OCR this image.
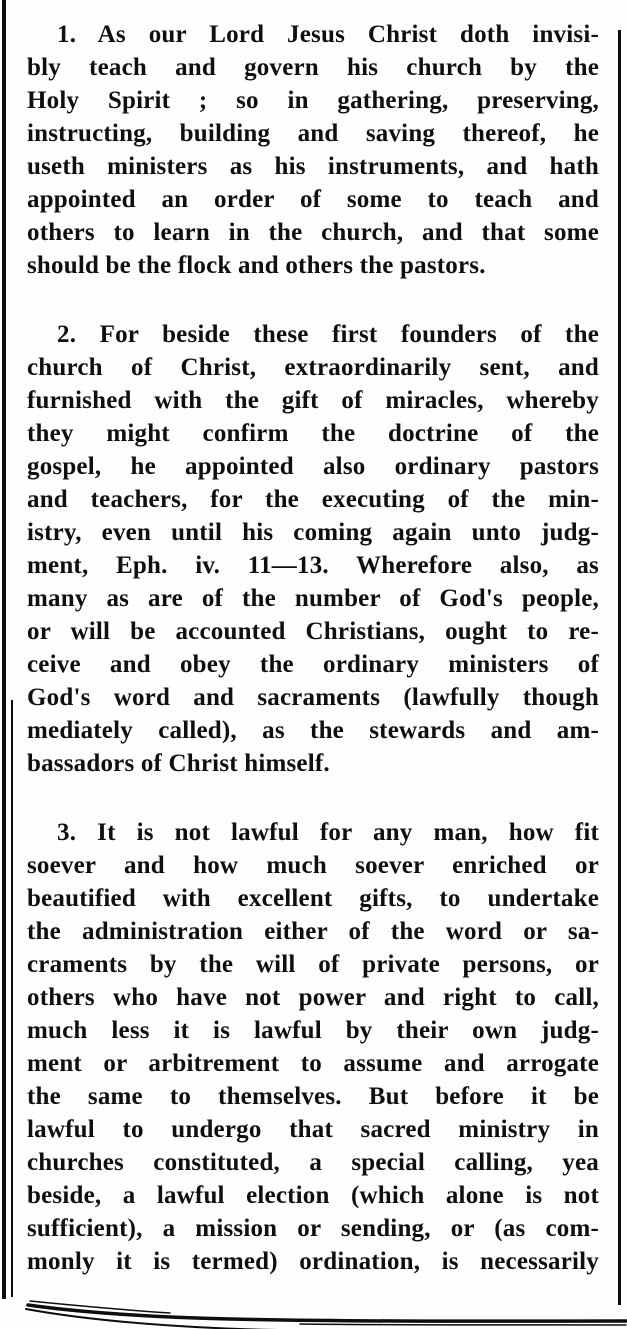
1. As our Lord Jesus Christ doth invisi-
bly teach and govern his church by the
Holy Spirit ; so in gathering, preserving,
instructing, building and saving thereof, he
useth ministers as his instruments, and hath
appointed an order of some to teach and
others to learn in the church, and that some
should be the flock and others the pastors.
2. For beside these first founders of the
church of Christ, extraordinarily sent, and
furnished with the gift of miracles, whereby
they might confirm the doctrine of the
gospel, he appointed also ordinary pastors
and teachers, for the executing of the min-
istry, even until his coming again unto judg-
ment, Eph. iv. 11—13. Wherefore also, as
many as are of the number of God's people,
or will be accounted Christians, ought to re-
ceive and obey the ordinary ministers of
God's word and sacraments (lawfully though
mediately called), as the stewards and am-
bassadors of Christ himself.
3. It is not lawful for any man, how fit
soever and how much soever enriched or
beautified with excellent gifts, to undertake
the administration either of the word or sa-
craments by the will of private persons, or
others who have not power and right to call,
much less it is lawful by their own judg-
ment or arbitrement to assume and arrogate
the same to themselves. But before it be
lawful to undergo that sacred ministry in
churches constituted, a special calling, yea
beside, a lawful election (which alone is not
sufficient), a mission or sending, or (as com-
monly it is termed) ordination, is necessarily
